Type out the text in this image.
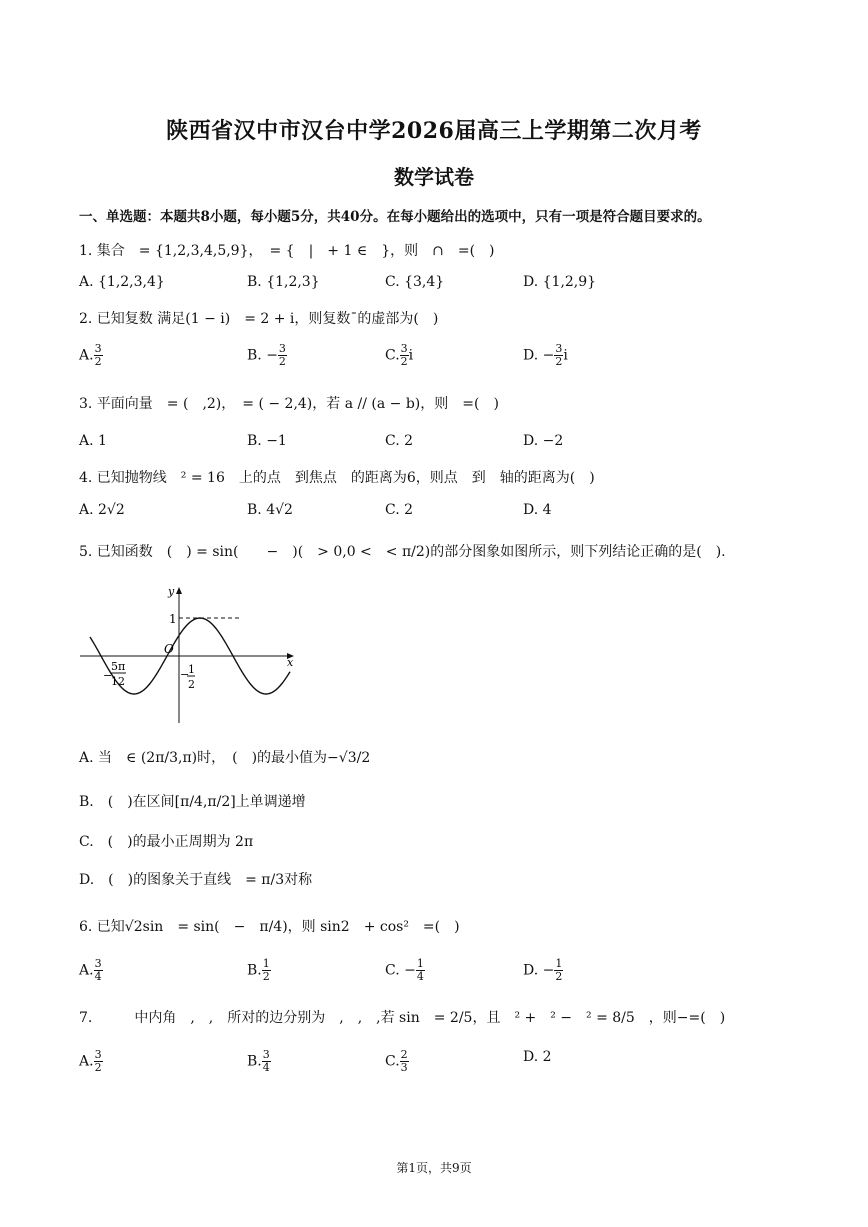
陕西省汉中市汉台中学2026届高三上学期第二次月考
数学试卷
一、单选题：本题共8小题，每小题5分，共40分。在每小题给出的选项中，只有一项是符合题目要求的。
1. 集合　= {1,2,3,4,5,9}，　= {　|　+ 1 ∈　}，则　∩　=(　)
A. {1,2,3,4}	B. {1,2,3}	C. {3,4}	D. {1,2,9}
2. 已知复数 满足(1 − i)　= 2 + i，则复数¯的虚部为(　)
A. $\frac{3}{2}$	B. − $\frac{3}{2}$	C. $\frac{3}{2}$ i	D. − $\frac{3}{2}$ i
3. 平面向量　= (　,2)，　= ( − 2,4)，若 a // (a − b)，则　=(　)
A. 1	B. −1	C. 2	D. −2
4. 已知抛物线　² = 16　上的点　到焦点　的距离为6，则点　到　轴的距离为(　)
A. 2√2	B. 4√2	C. 2	D. 4
5. 已知函数　(　) = sin(　　−　)(　> 0,0 <　< π/2)的部分图象如图所示，则下列结论正确的是(　).
y
x
O
1
−
5π
12
−
1
2
A. 当　∈ (2π/3,π)时，　(　)的最小值为−√3/2
B.　(　)在区间[π/4,π/2]上单调递增
C.　(　)的最小正周期为 2π
D.　(　)的图象关于直线　= π/3对称
6. 已知√2sin　= sin(　−　π/4)，则 sin2　+ cos²　=(　)
A. $\frac{3}{4}$	B. $\frac{1}{2}$	C. − $\frac{1}{4}$	D. − $\frac{1}{2}$
7.　　　中内角　,　,　所对的边分别为　,　,　,若 sin　= 2/5，且　² +　² −　² = 8/5　，则−=(　)
A. $\frac{3}{2}$	B. $\frac{3}{4}$	C. $\frac{2}{3}$	D. 2
第1页，共9页
